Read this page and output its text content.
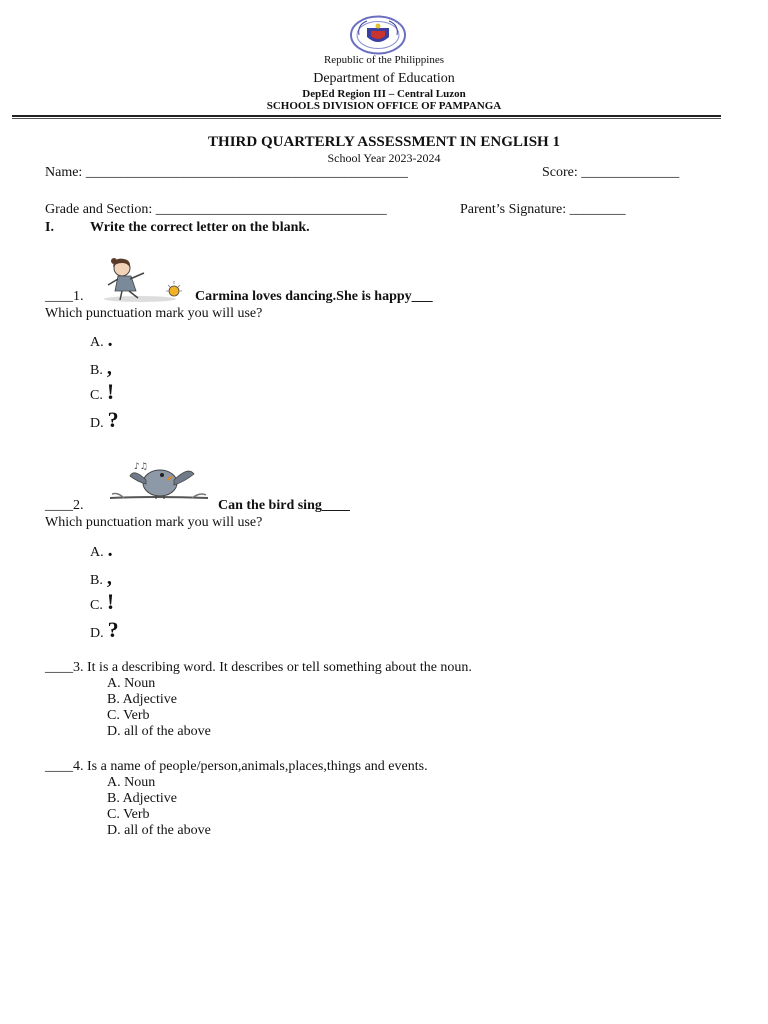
Republic of the Philippines
Department of Education
DepEd Region III – Central Luzon
SCHOOLS DIVISION OFFICE OF PAMPANGA
THIRD QUARTERLY ASSESSMENT IN ENGLISH 1
School Year 2023-2024
Name: ______________________________________________	Score: ______________
Grade and Section: _________________________________	Parent’s Signature: ________
I.	Write the correct letter on the blank.
____1.	Carmina loves dancing.She is happy___
Which punctuation mark you will use?
A. .
B. ,
C. !
D. ?
♪♫
____2.	Can the bird sing____
Which punctuation mark you will use?
A. .
B. ,
C. !
D. ?
____3. It is a describing word. It describes or tell something about the noun.
A. Noun
B. Adjective
C. Verb
D. all of the above
____4. Is a name of people/person,animals,places,things and events.
A. Noun
B. Adjective
C. Verb
D. all of the above
